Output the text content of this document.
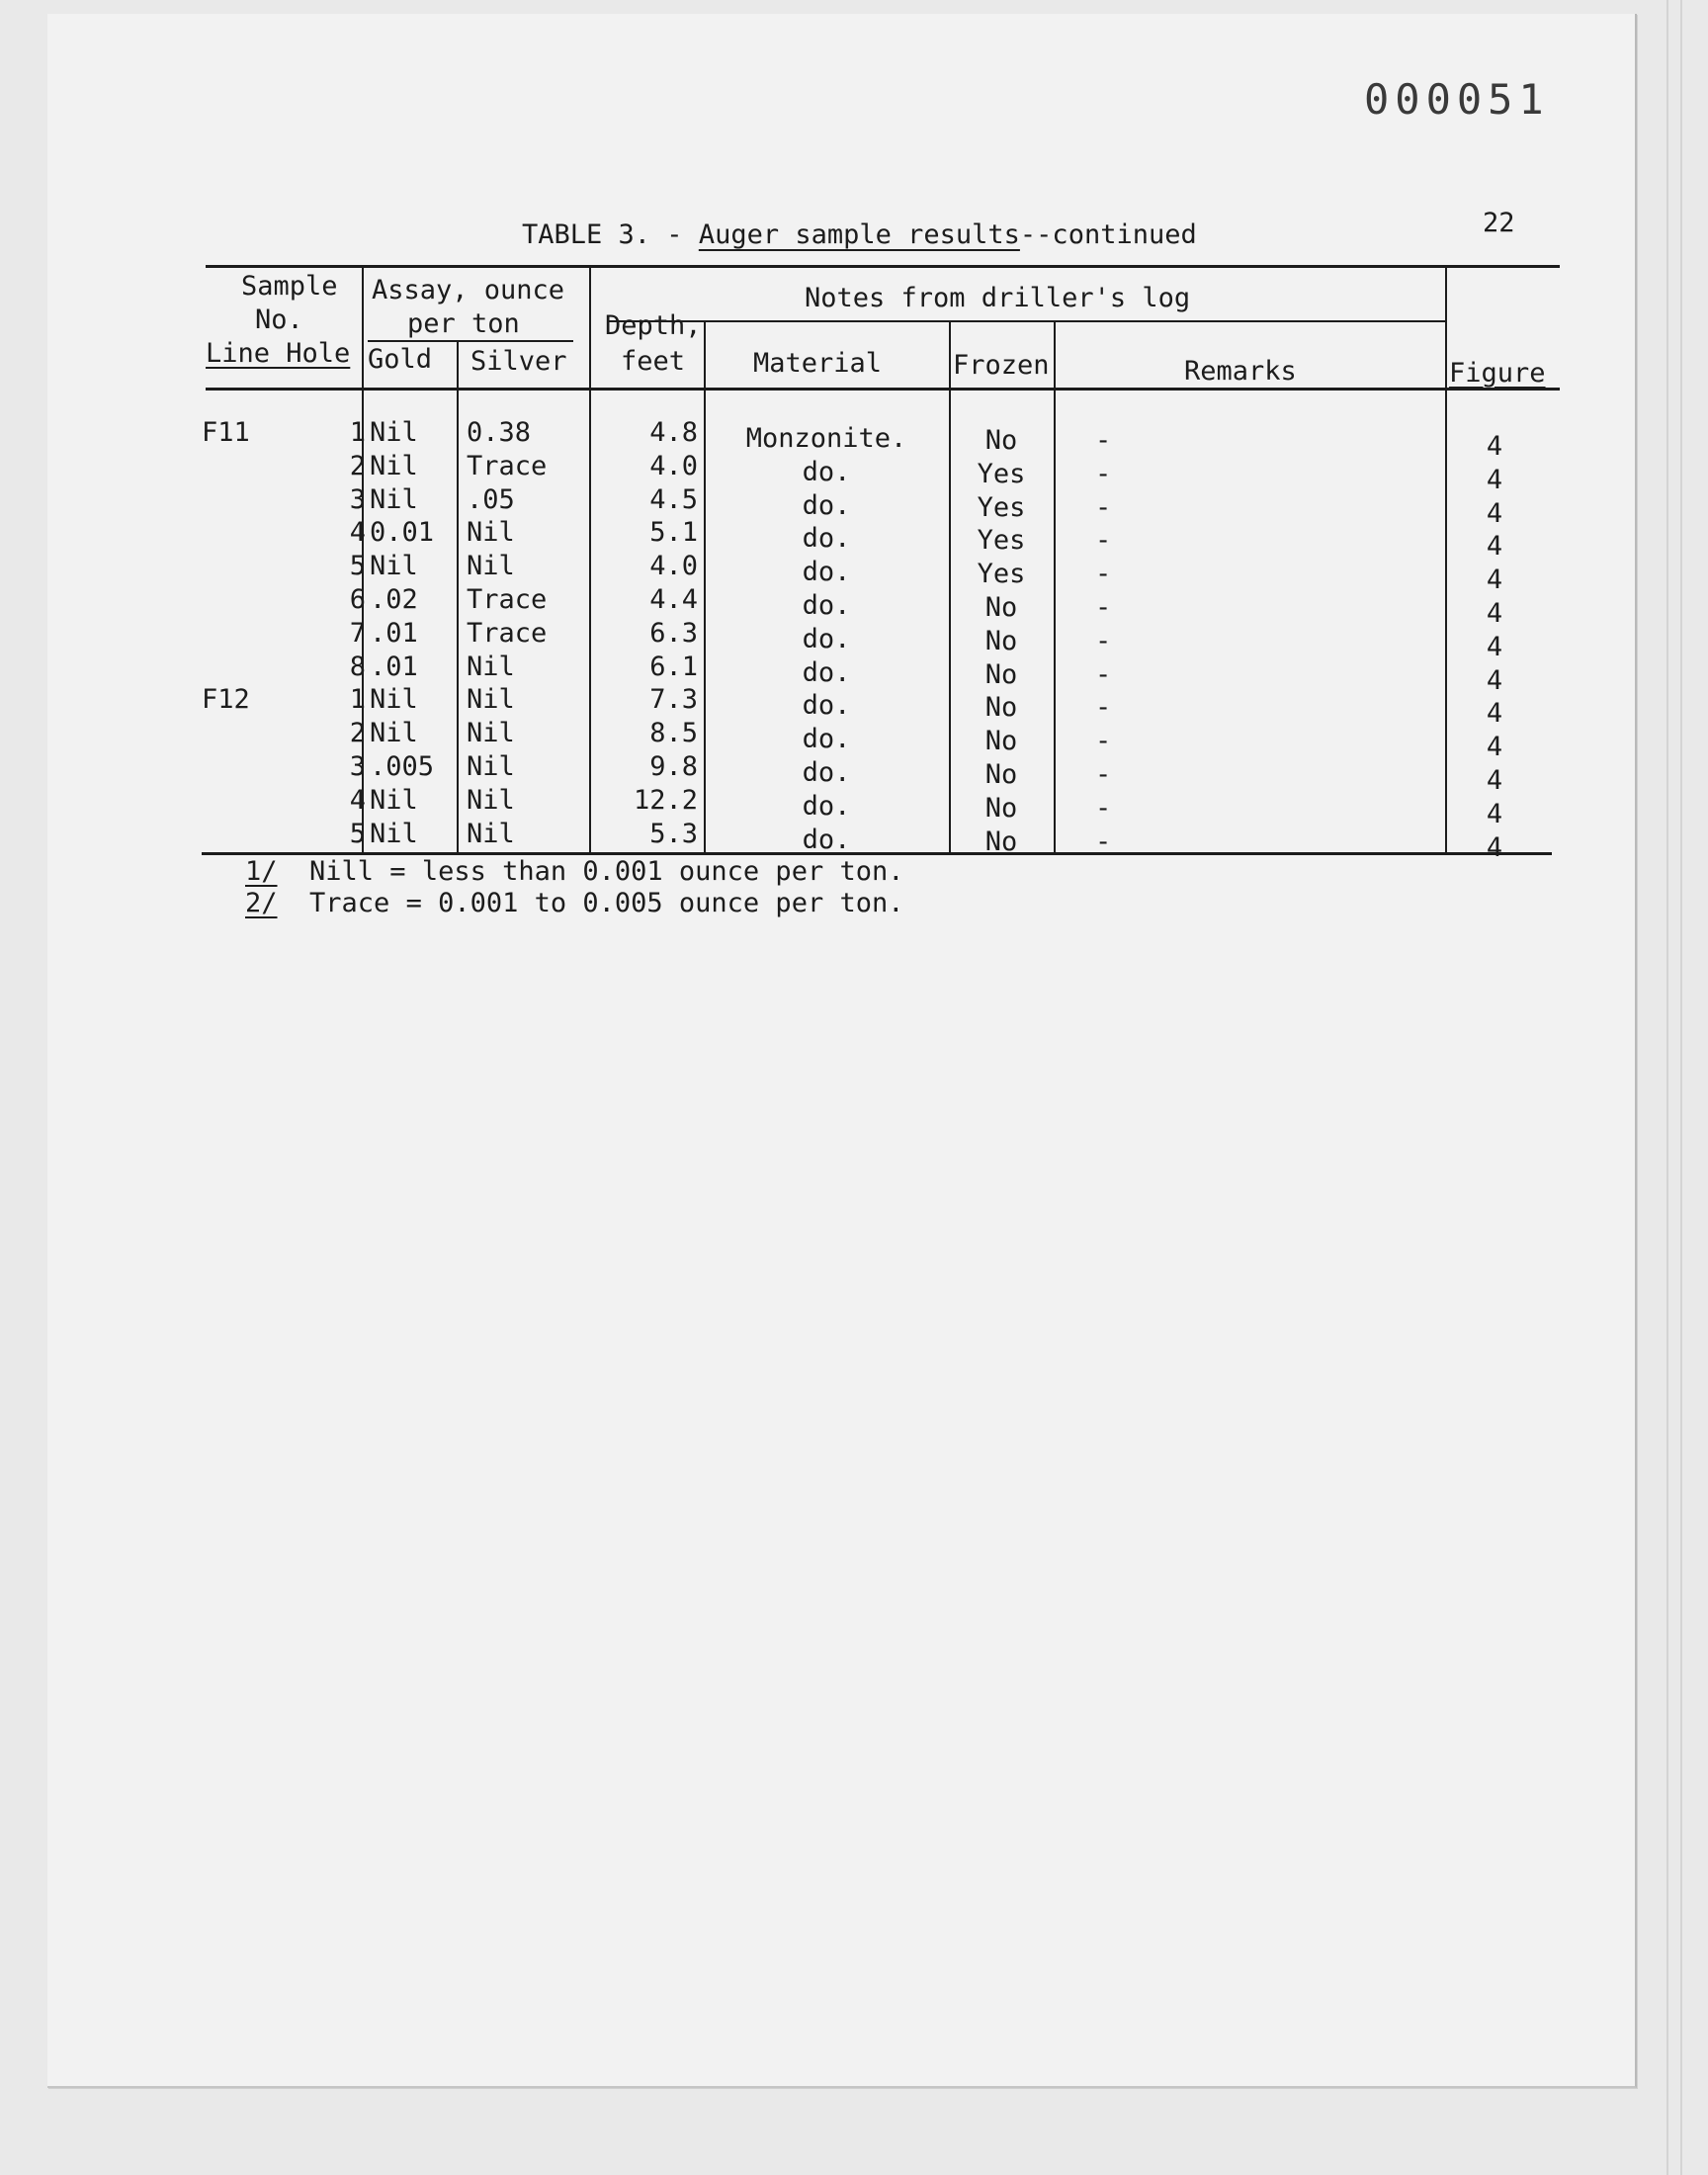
000051
22
TABLE 3. - Auger sample results--continued
Sample
No.
Line Hole
Assay, ounce
per ton
Gold Silver
Notes from driller's log
Depth,
feet	Material	Frozen	Remarks	Figure
F11	1 Nil	0.38	4.8	Monzonite.	No	-	4
2 Nil	Trace	4.0	do.	Yes	-	4
3 Nil	.05	4.5	do.	Yes	-	4
4 0.01	Nil	5.1	do.	Yes	-	4
5 Nil	Nil	4.0	do.	Yes	-	4
6 .02	Trace	4.4	do.	No	-	4
7 .01	Trace	6.3	do.	No	-	4
8 .01	Nil	6.1	do.	No	-	4
F12	1 Nil	Nil	7.3	do.	No	-	4
2 Nil	Nil	8.5	do.	No	-	4
3 .005	Nil	9.8	do.	No	-	4
4 Nil	Nil	12.2	do.	No	-	4
5 Nil	Nil	5.3	do.	No	-	4
1/ Nill = less than 0.001 ounce per ton.
2/ Trace = 0.001 to 0.005 ounce per ton.
